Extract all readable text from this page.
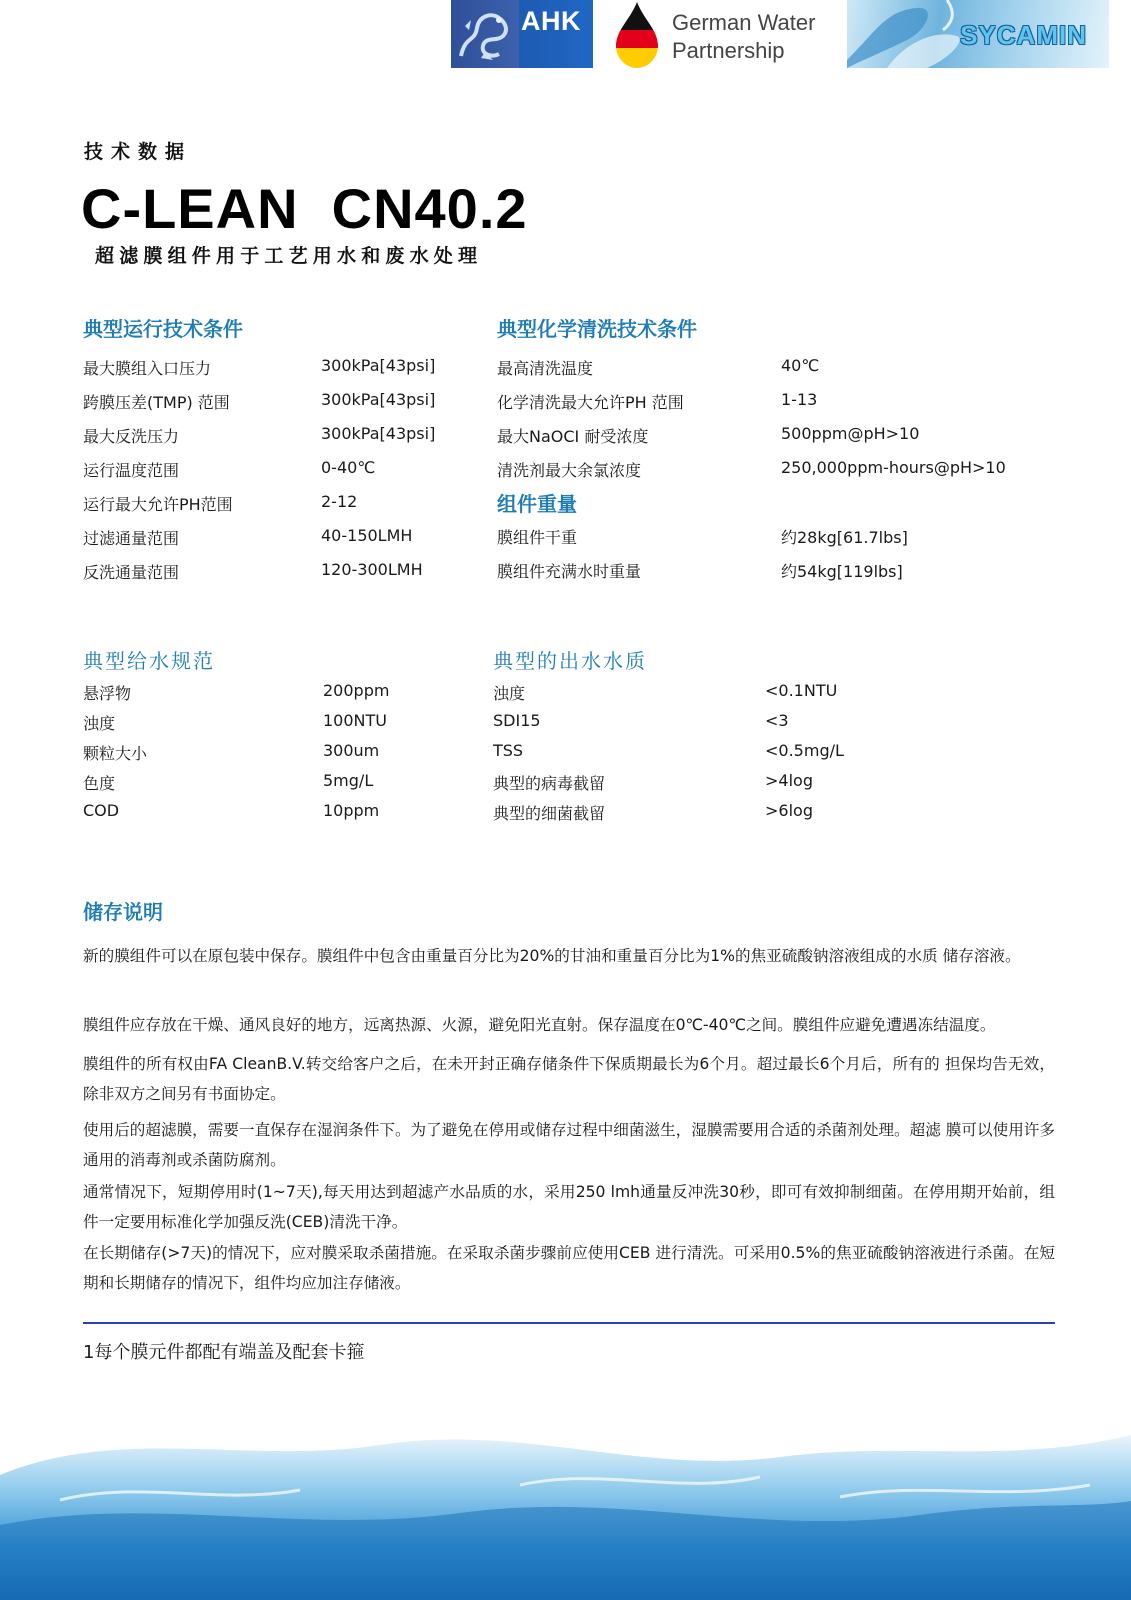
AHK	German Water
Partnership
SYCAMIN
技术数据
C-LEAN  CN40.2
超滤膜组件用于工艺用水和废水处理
典型运行技术条件
最大膜组入口压力	300kPa[43psi]
跨膜压差(TMP) 范围	300kPa[43psi]
最大反洗压力	300kPa[43psi]
运行温度范围	0-40℃
运行最大允许PH范围	2-12
过滤通量范围	40-150LMH
反洗通量范围	120-300LMH
典型化学清洗技术条件
最高清洗温度	40℃
化学清洗最大允许PH 范围	1-13
最大NaOCI 耐受浓度	500ppm@pH>10
清洗剂最大余氯浓度	250,000ppm-hours@pH>10
组件重量
膜组件干重	约28kg[61.7lbs]
膜组件充满水时重量	约54kg[119lbs]
典型给水规范
悬浮物	200ppm
浊度	100NTU
颗粒大小	300um
色度	5mg/L
COD	10ppm
典型的出水水质
浊度	<0.1NTU
SDI15	<3
TSS	<0.5mg/L
典型的病毒截留	>4log
典型的细菌截留	>6log
储存说明

新的膜组件可以在原包装中保存。膜组件中包含由重量百分比为20%的甘油和重量百分比为1%的焦亚硫酸钠溶液组成的水质 储存溶液。

膜组件应存放在干燥、通风良好的地方，远离热源、火源，避免阳光直射。保存温度在0℃-40℃之间。膜组件应避免遭遇冻结温度。

膜组件的所有权由FA CleanB.V.转交给客户之后，在未开封正确存储条件下保质期最长为6个月。超过最长6个月后，所有的 担保均告无效，除非双方之间另有书面协定。

使用后的超滤膜，需要一直保存在湿润条件下。为了避免在停用或储存过程中细菌滋生，湿膜需要用合适的杀菌剂处理。超滤 膜可以使用许多通用的消毒剂或杀菌防腐剂。

通常情况下，短期停用时(1~7天),每天用达到超滤产水品质的水，采用250 lmh通量反冲洗30秒，即可有效抑制细菌。在停用期开始前，组件一定要用标准化学加强反洗(CEB)清洗干净。

在长期储存(>7天)的情况下，应对膜采取杀菌措施。在采取杀菌步骤前应使用CEB 进行清洗。可采用0.5%的焦亚硫酸钠溶液进行杀菌。在短期和长期储存的情况下，组件均应加注存储液。

1每个膜元件都配有端盖及配套卡箍
